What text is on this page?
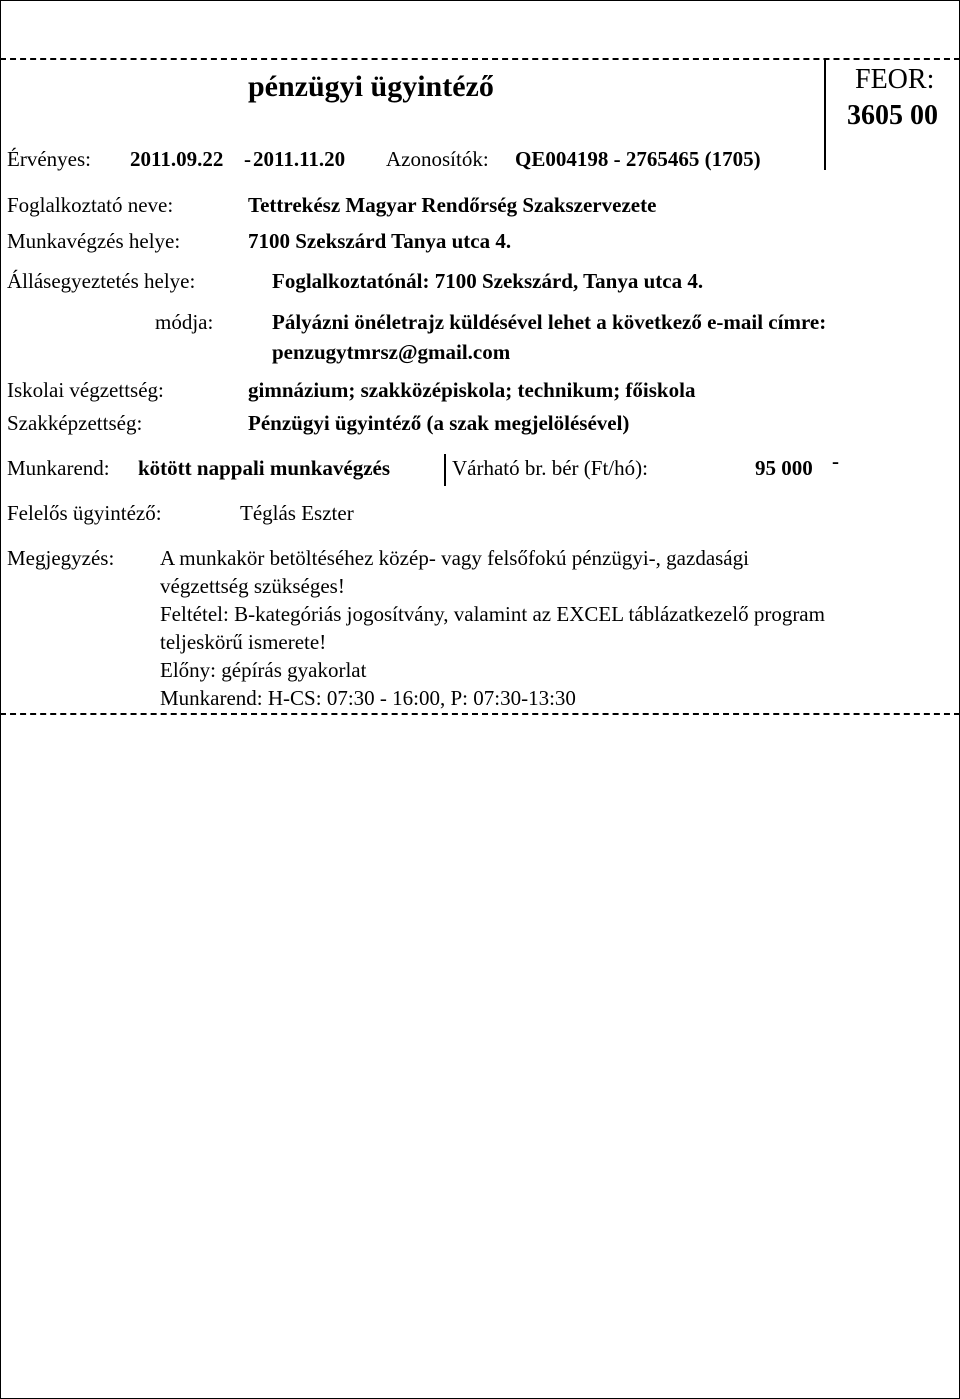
pénzügyi ügyintéző	FEOR:
3605 00
Érvényes: 2011.09.22 - 2011.11.20 Azonosítók: QE004198 - 2765465 (1705)
Foglalkoztató neve:	Tettrekész Magyar Rendőrség Szakszervezete
Munkavégzés helye:	7100 Szekszárd Tanya utca 4.
Állásegyeztetés helye:	Foglalkoztatónál: 7100 Szekszárd, Tanya utca 4.
módja:	Pályázni önéletrajz küldésével lehet a következő e-mail címre:
penzugytmrsz@gmail.com
Iskolai végzettség:	gimnázium; szakközépiskola; technikum; főiskola
Szakképzettség:	Pénzügyi ügyintéző (a szak megjelölésével)
Munkarend: kötött nappali munkavégzés	Várható br. bér (Ft/hó):	95 000 -
Felelős ügyintéző:	Téglás Eszter
Megjegyzés: A munkakör betöltéséhez közép- vagy felsőfokú pénzügyi-, gazdasági
végzettség szükséges!
Feltétel: B-kategóriás jogosítvány, valamint az EXCEL táblázatkezelő program
teljeskörű ismerete!
Előny: gépírás gyakorlat
Munkarend: H-CS: 07:30 - 16:00, P: 07:30-13:30
